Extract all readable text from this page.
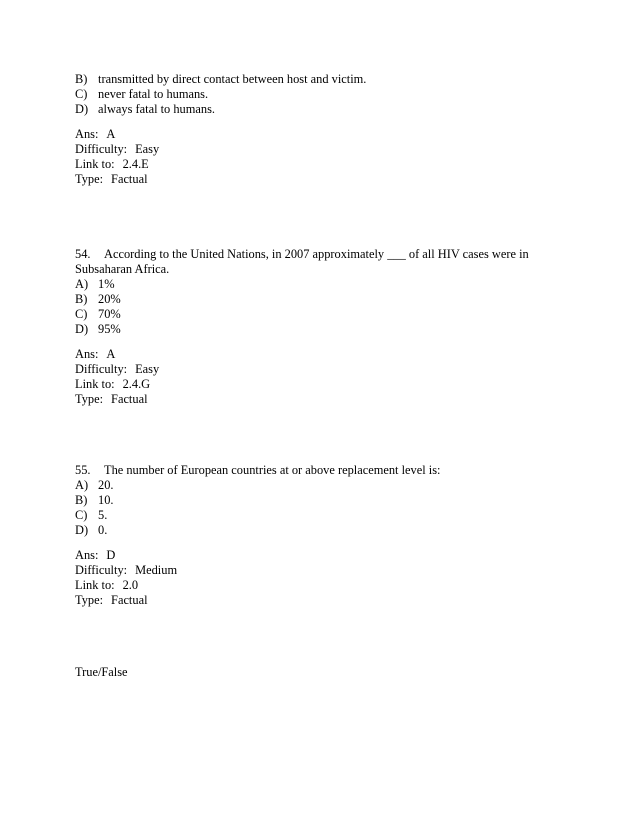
B) transmitted by direct contact between host and victim.
C) never fatal to humans.
D) always fatal to humans.
Ans: A
Difficulty: Easy
Link to: 2.4.E
Type: Factual
54. According to the United Nations, in 2007 approximately ___ of all HIV cases were in
Subsaharan Africa.
A) 1%
B) 20%
C) 70%
D) 95%
Ans: A
Difficulty: Easy
Link to: 2.4.G
Type: Factual
55. The number of European countries at or above replacement level is:
A) 20.
B) 10.
C) 5.
D) 0.
Ans: D
Difficulty: Medium
Link to: 2.0
Type: Factual
True/False
